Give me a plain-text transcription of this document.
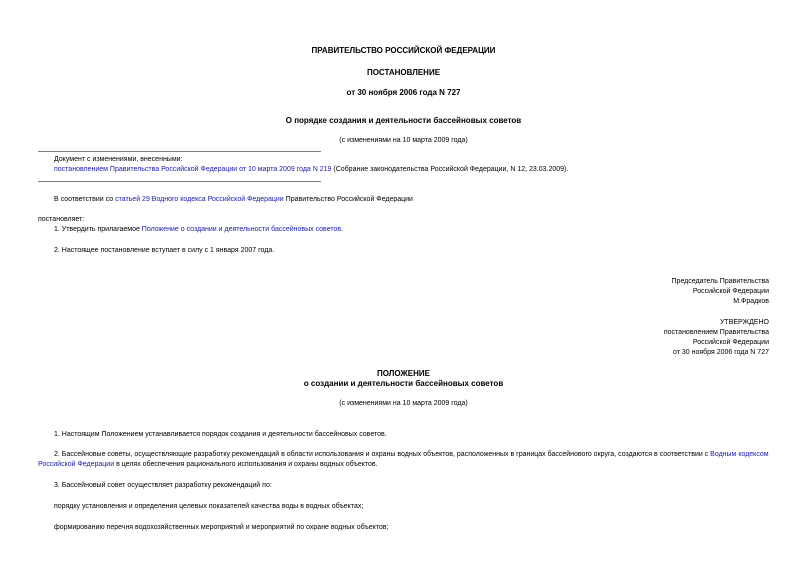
ПРАВИТЕЛЬСТВО РОССИЙСКОЙ ФЕДЕРАЦИИ
ПОСТАНОВЛЕНИЕ
от 30 ноября 2006 года N 727
О порядке создания и деятельности бассейновых советов
(с изменениями на 10 марта 2009 года)
Документ с изменениями, внесенными:
постановлением Правительства Российской Федерации от 10 марта 2009 года N 219 (Собрание законодательства Российской Федерации, N 12, 23.03.2009).
В соответствии со статьей 29 Водного кодекса Российской Федерации Правительство Российской Федерации
постановляет:
1. Утвердить прилагаемое Положение о создании и деятельности бассейновых советов.
2. Настоящее постановление вступает в силу с 1 января 2007 года.
Председатель Правительства
Российской Федерации
М.Фрадков
УТВЕРЖДЕНО
постановлением Правительства
Российской Федерации
от 30 ноября 2006 года N 727
ПОЛОЖЕНИЕ
о создании и деятельности бассейновых советов
(с изменениями на 10 марта 2009 года)
1. Настоящим Положением устанавливается порядок создания и деятельности бассейновых советов.
2. Бассейновые советы, осуществляющие разработку рекомендаций в области использования и охраны водных объектов, расположенных в границах бассейнового округа, создаются в соответствии с Водным кодексом Российской Федерации в целях обеспечения рационального использования и охраны водных объектов.
3. Бассейновый совет осуществляет разработку рекомендаций по:
порядку установления и определения целевых показателей качества воды в водных объектах;
формированию перечня водохозяйственных мероприятий и мероприятий по охране водных объектов;
